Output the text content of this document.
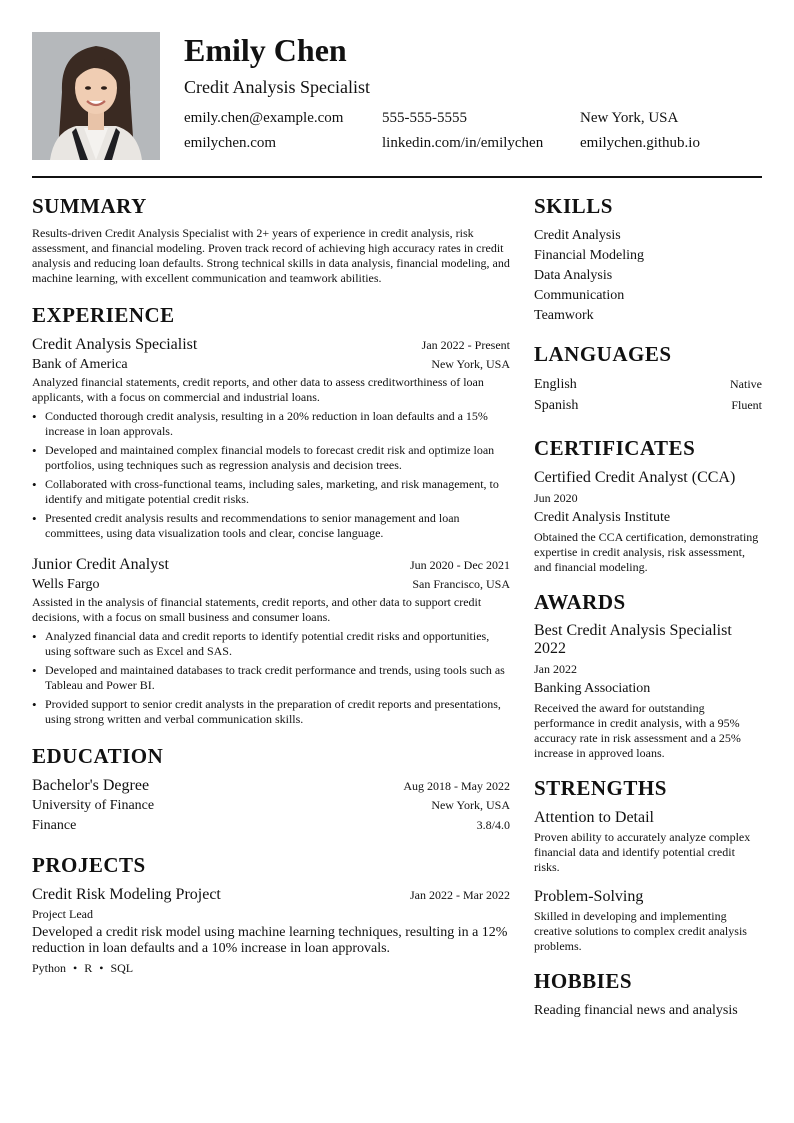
Emily Chen
Credit Analysis Specialist
emily.chen@example.com	555-555-5555	New York, USA
emilychen.com	linkedin.com/in/emilychen emilychen.github.io
SUMMARY

Results-driven Credit Analysis Specialist with 2+ years of experience in credit analysis, risk assessment, and financial modeling. Proven track record of achieving high accuracy rates in credit analysis and reducing loan defaults. Strong technical skills in data analysis, financial modeling, and machine learning, with excellent communication and teamwork abilities.

EXPERIENCE
Credit Analysis Specialist	Jan 2022 - Present
Bank of America	New York, USA

Analyzed financial statements, credit reports, and other data to assess creditworthiness of loan applicants, with a focus on commercial and industrial loans.

• Conducted thorough credit analysis, resulting in a 20% reduction in loan defaults and a 15% increase in loan approvals.
• Developed and maintained complex financial models to forecast credit risk and optimize loan portfolios, using techniques such as regression analysis and decision trees.
• Collaborated with cross-functional teams, including sales, marketing, and risk management, to identify and mitigate potential credit risks.
• Presented credit analysis results and recommendations to senior management and loan committees, using data visualization tools and clear, concise language.
Junior Credit Analyst	Jun 2020 - Dec 2021
Wells Fargo	San Francisco, USA

Assisted in the analysis of financial statements, credit reports, and other data to support credit decisions, with a focus on small business and consumer loans.

• Analyzed financial data and credit reports to identify potential credit risks and opportunities, using software such as Excel and SAS.
• Developed and maintained databases to track credit performance and trends, using tools such as Tableau and Power BI.
• Provided support to senior credit analysts in the preparation of credit reports and presentations, using strong written and verbal communication skills.
EDUCATION
Bachelor's Degree	Aug 2018 - May 2022
University of Finance	New York, USA
Finance	3.8/4.0
PROJECTS
Credit Risk Modeling Project	Jan 2022 - Mar 2022
Project Lead

Developed a credit risk model using machine learning techniques, resulting in a 12% reduction in loan defaults and a 10% increase in loan approvals.

Python • R • SQL
SKILLS
Credit Analysis
Financial Modeling
Data Analysis
Communication
Teamwork
LANGUAGES
English	Native
Spanish	Fluent
CERTIFICATES
Certified Credit Analyst (CCA)
Jun 2020
Credit Analysis Institute

Obtained the CCA certification, demonstrating expertise in credit analysis, risk assessment, and financial modeling.

AWARDS
Best Credit Analysis Specialist 2022
Jan 2022
Banking Association

Received the award for outstanding performance in credit analysis, with a 95% accuracy rate in risk assessment and a 25% increase in approved loans.

STRENGTHS
Attention to Detail

Proven ability to accurately analyze complex financial data and identify potential credit risks.

Problem-Solving

Skilled in developing and implementing creative solutions to complex credit analysis problems.

HOBBIES
Reading financial news and analysis
